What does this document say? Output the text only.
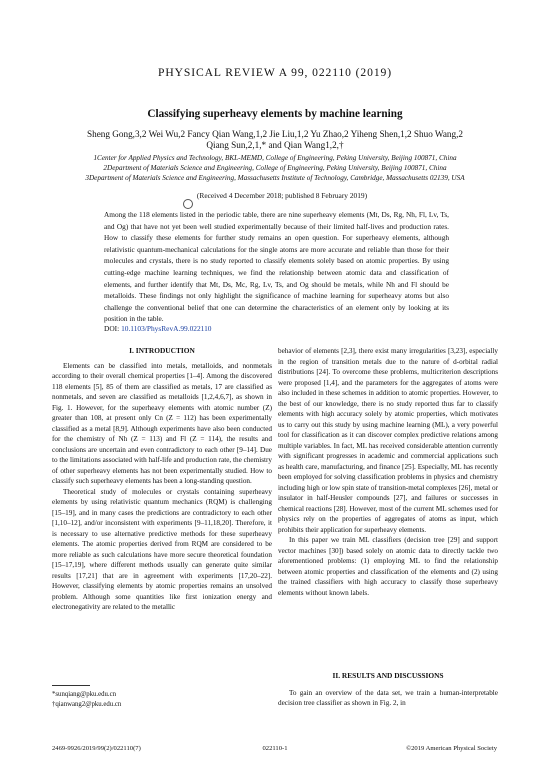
PHYSICAL REVIEW A 99, 022110 (2019)
Classifying superheavy elements by machine learning
Sheng Gong,3,2 Wei Wu,2 Fancy Qian Wang,1,2 Jie Liu,1,2 Yu Zhao,2 Yiheng Shen,1,2 Shuo Wang,2
Qiang Sun,2,1,* and Qian Wang1,2,†
1Center for Applied Physics and Technology, BKL-MEMD, College of Engineering, Peking University, Beijing 100871, China
2Department of Materials Science and Engineering, College of Engineering, Peking University, Beijing 100871, China
3Department of Materials Science and Engineering, Massachusetts Institute of Technology, Cambridge, Massachusetts 02139, USA
(Received 4 December 2018; published 8 February 2019)
Among the 118 elements listed in the periodic table, there are nine superheavy elements (Mt, Ds, Rg, Nh, Fl, Lv, Ts, and Og) that have not yet been well studied experimentally because of their limited half-lives and production rates. How to classify these elements for further study remains an open question. For superheavy elements, although relativistic quantum-mechanical calculations for the single atoms are more accurate and reliable than those for their molecules and crystals, there is no study reported to classify elements solely based on atomic properties. By using cutting-edge machine learning techniques, we find the relationship between atomic data and classification of elements, and further identify that Mt, Ds, Mc, Rg, Lv, Ts, and Og should be metals, while Nh and Fl should be metalloids. These findings not only highlight the significance of machine learning for superheavy atoms but also challenge the conventional belief that one can determine the characteristics of an element only by looking at its position in the table.
DOI: 10.1103/PhysRevA.99.022110
I. INTRODUCTION

Elements can be classified into metals, metalloids, and nonmetals according to their overall chemical properties [1–4]. Among the discovered 118 elements [5], 85 of them are classified as metals, 17 are classified as nonmetals, and seven are classified as metalloids [1,2,4,6,7], as shown in Fig. 1. However, for the superheavy elements with atomic number (Z) greater than 108, at present only Cn (Z = 112) has been experimentally classified as a metal [8,9]. Although experiments have also been conducted for the chemistry of Nh (Z = 113) and Fl (Z = 114), the results and conclusions are uncertain and even contradictory to each other [9–14]. Due to the limitations associated with half-life and production rate, the chemistry of other superheavy elements has not been experimentally studied. How to classify such superheavy elements has been a long-standing question.

Theoretical study of molecules or crystals containing superheavy elements by using relativistic quantum mechanics (RQM) is challenging [15–19], and in many cases the predictions are contradictory to each other [1,10–12], and/or inconsistent with experiments [9–11,18,20]. Therefore, it is necessary to use alternative predictive methods for these superheavy elements. The atomic properties derived from RQM are considered to be more reliable as such calculations have more secure theoretical foundation [15–17,19], where different methods usually can generate quite similar results [17,21] that are in agreement with experiments [17,20–22]. However, classifying elements by atomic properties remains an unsolved problem. Although some quantities like first ionization energy and electronegativity are related to the metallic

behavior of elements [2,3], there exist many irregularities [3,23], especially in the region of transition metals due to the nature of d-orbital radial distributions [24]. To overcome these problems, multicriterion descriptions were proposed [1,4], and the parameters for the aggregates of atoms were also included in these schemes in addition to atomic properties. However, to the best of our knowledge, there is no study reported thus far to classify elements with high accuracy solely by atomic properties, which motivates us to carry out this study by using machine learning (ML), a very powerful tool for classification as it can discover complex predictive relations among multiple variables. In fact, ML has received considerable attention currently with significant progresses in academic and commercial applications such as health care, manufacturing, and finance [25]. Especially, ML has recently been employed for solving classification problems in physics and chemistry including high or low spin state of transition-metal complexes [26], metal or insulator in half-Heusler compounds [27], and failures or successes in chemical reactions [28]. However, most of the current ML schemes used for physics rely on the properties of aggregates of atoms as input, which prohibits their application for superheavy elements.

In this paper we train ML classifiers (decision tree [29] and support vector machines [30]) based solely on atomic data to directly tackle two aforementioned problems: (1) employing ML to find the relationship between atomic properties and classification of the elements and (2) using the trained classifiers with high accuracy to classify those superheavy elements without known labels.

II. RESULTS AND DISCUSSIONS

To gain an overview of the data set, we train a human-interpretable decision tree classifier as shown in Fig. 2, in

*sunqiang@pku.edu.cn
†qianwang2@pku.edu.cn
2469-9926/2019/99(2)/022110(7)	022110-1	©2019 American Physical Society
